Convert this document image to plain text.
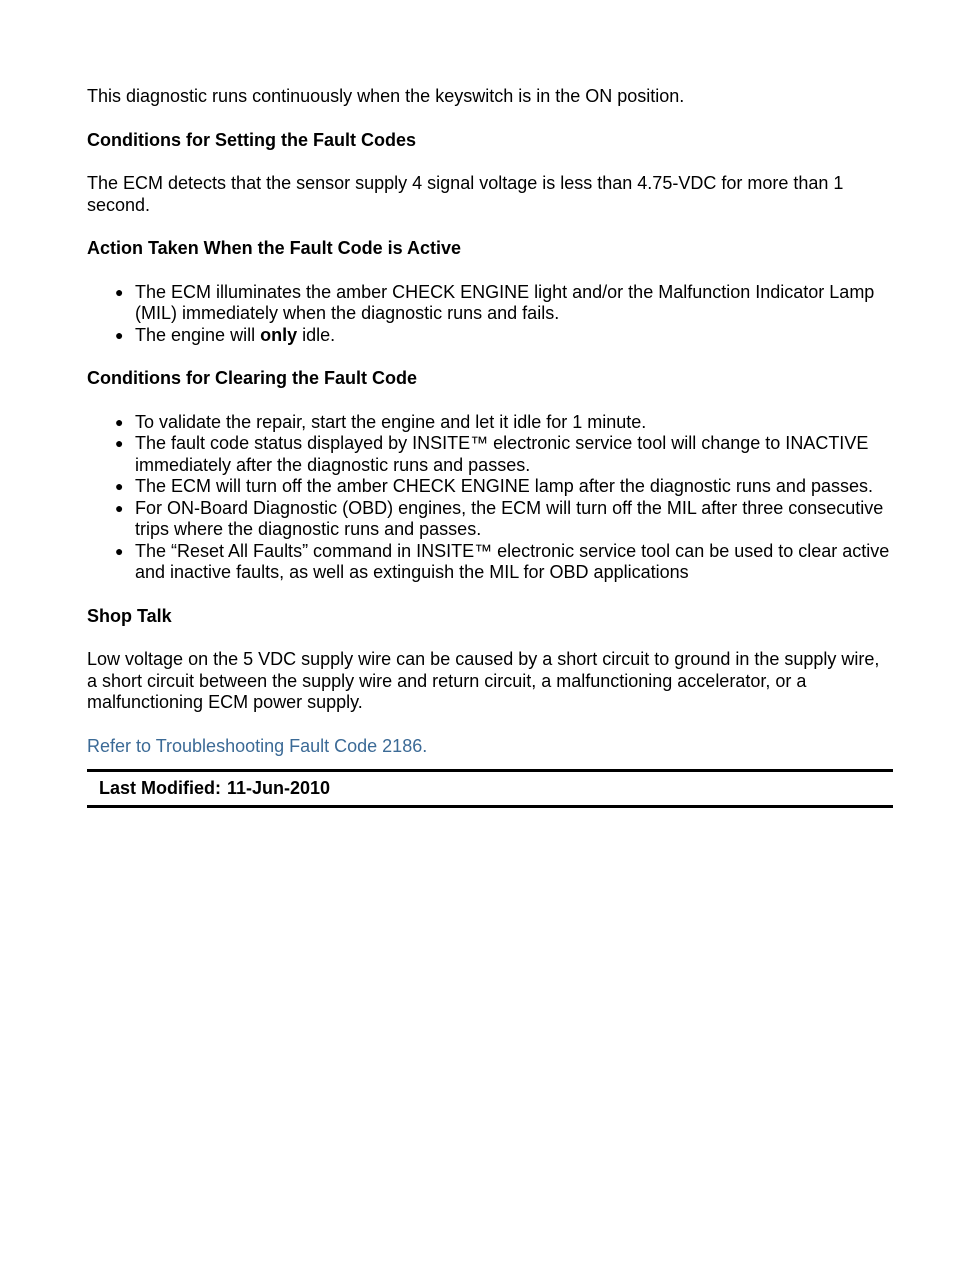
This diagnostic runs continuously when the keyswitch is in the ON position.

Conditions for Setting the Fault Codes

The ECM detects that the sensor supply 4 signal voltage is less than 4.75-VDC for more than 1 second.

Action Taken When the Fault Code is Active
● The ECM illuminates the amber CHECK ENGINE light and/or the Malfunction Indicator Lamp (MIL) immediately when the diagnostic runs and fails.
● The engine will only idle.
Conditions for Clearing the Fault Code
● To validate the repair, start the engine and let it idle for 1 minute.
● The fault code status displayed by INSITE™ electronic service tool will change to INACTIVE immediately after the diagnostic runs and passes.
● The ECM will turn off the amber CHECK ENGINE lamp after the diagnostic runs and passes.
● For ON-Board Diagnostic (OBD) engines, the ECM will turn off the MIL after three consecutive trips where the diagnostic runs and passes.
● The “Reset All Faults” command in INSITE™ electronic service tool can be used to clear active and inactive faults, as well as extinguish the MIL for OBD applications
Shop Talk

Low voltage on the 5 VDC supply wire can be caused by a short circuit to ground in the supply wire, a short circuit between the supply wire and return circuit, a malfunctioning accelerator, or a malfunctioning ECM power supply.

Refer to Troubleshooting Fault Code 2186.

Last Modified: 11-Jun-2010
